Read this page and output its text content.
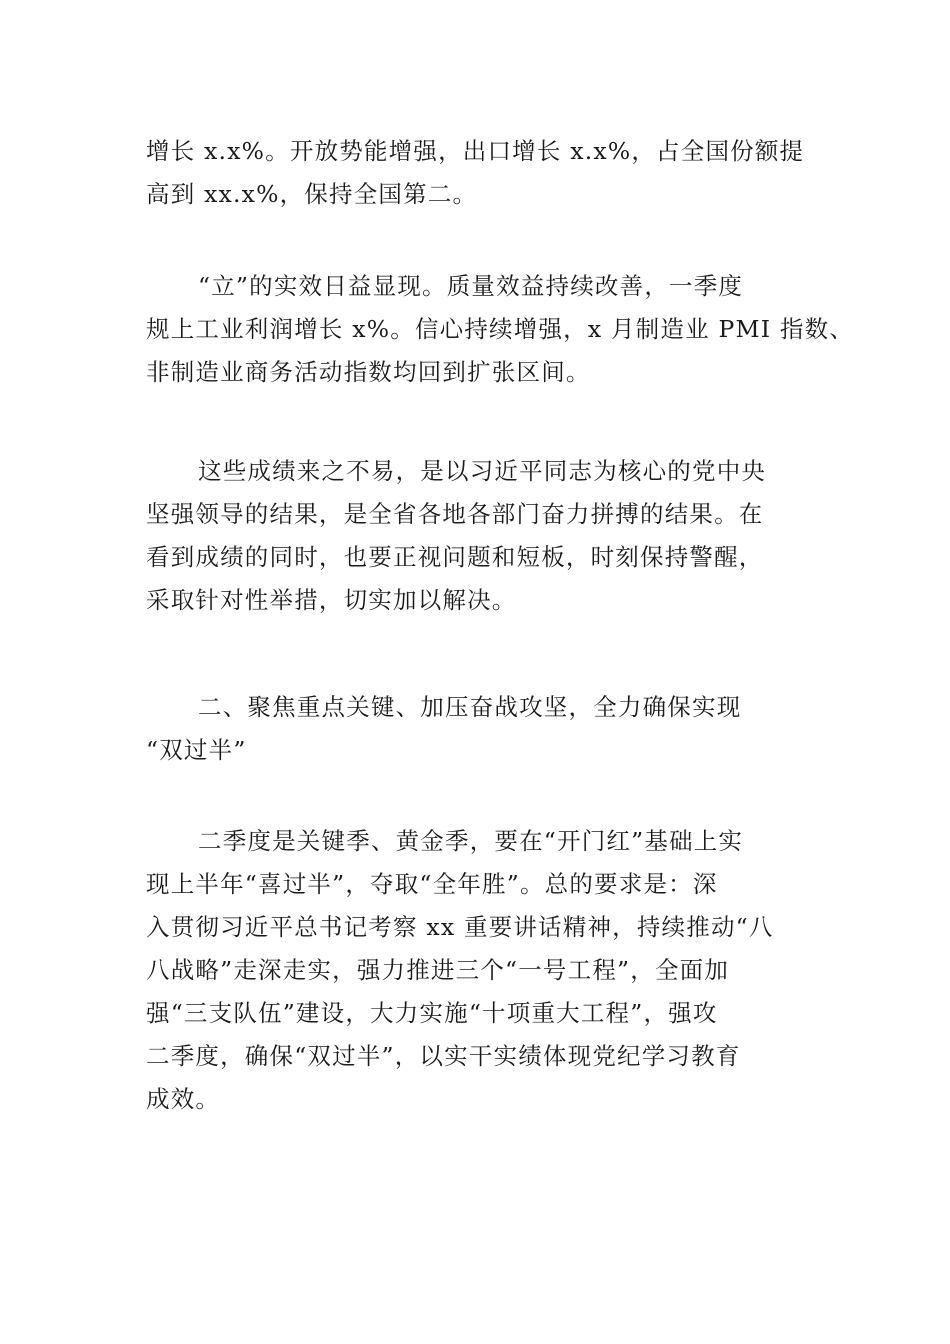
增长 x.x%。开放势能增强，出口增长 x.x%，占全国份额提
高到 xx.x%，保持全国第二。
“立”的实效日益显现。质量效益持续改善，一季度
规上工业利润增长 x%。信心持续增强，x 月制造业 PMI 指数、
非制造业商务活动指数均回到扩张区间。
这些成绩来之不易，是以习近平同志为核心的党中央
坚强领导的结果，是全省各地各部门奋力拼搏的结果。在
看到成绩的同时，也要正视问题和短板，时刻保持警醒，
采取针对性举措，切实加以解决。
二、聚焦重点关键、加压奋战攻坚，全力确保实现
“双过半”
二季度是关键季、黄金季，要在“开门红”基础上实
现上半年“喜过半”，夺取“全年胜”。总的要求是：深
入贯彻习近平总书记考察 xx 重要讲话精神，持续推动“八
八战略”走深走实，强力推进三个“一号工程”，全面加
强“三支队伍”建设，大力实施“十项重大工程”，强攻
二季度，确保“双过半”，以实干实绩体现党纪学习教育
成效。
